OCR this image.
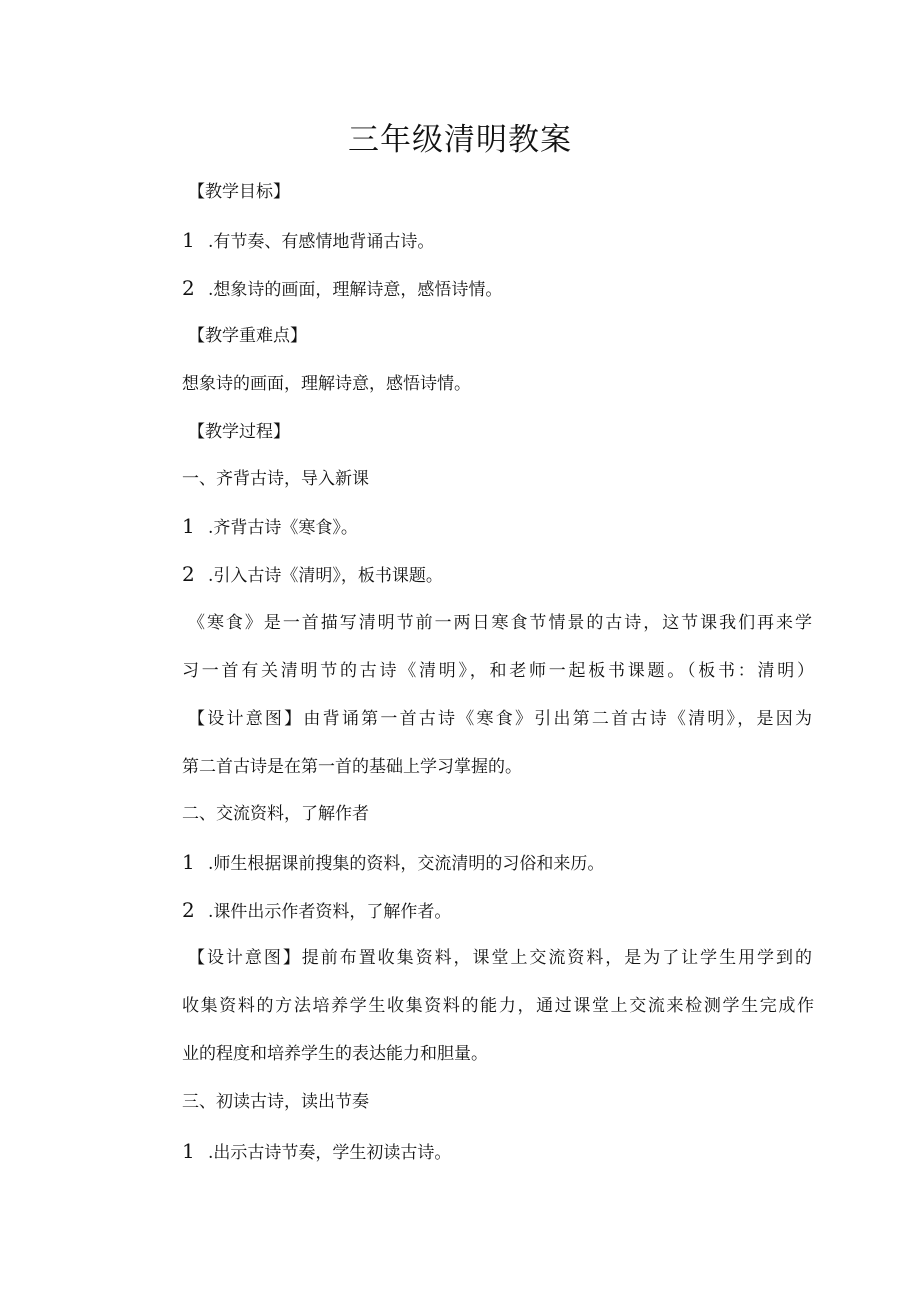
三年级清明教案
【教学目标】
1 .有节奏、有感情地背诵古诗。
2 .想象诗的画面，理解诗意，感悟诗情。
【教学重难点】
想象诗的画面，理解诗意，感悟诗情。
【教学过程】
一、齐背古诗，导入新课
1 .齐背古诗《寒食》。
2 .引入古诗《清明》，板书课题。
《寒食》是一首描写清明节前一两日寒食节情景的古诗，这节课我们再来学
习一首有关清明节的古诗《清明》，和老师一起板书课题。（板书：清明）
【设计意图】由背诵第一首古诗《寒食》引出第二首古诗《清明》，是因为
第二首古诗是在第一首的基础上学习掌握的。
二、交流资料，了解作者
1 .师生根据课前搜集的资料，交流清明的习俗和来历。
2 .课件出示作者资料，了解作者。
【设计意图】提前布置收集资料，课堂上交流资料，是为了让学生用学到的
收集资料的方法培养学生收集资料的能力，通过课堂上交流来检测学生完成作
业的程度和培养学生的表达能力和胆量。
三、初读古诗，读出节奏
1 .出示古诗节奏，学生初读古诗。
